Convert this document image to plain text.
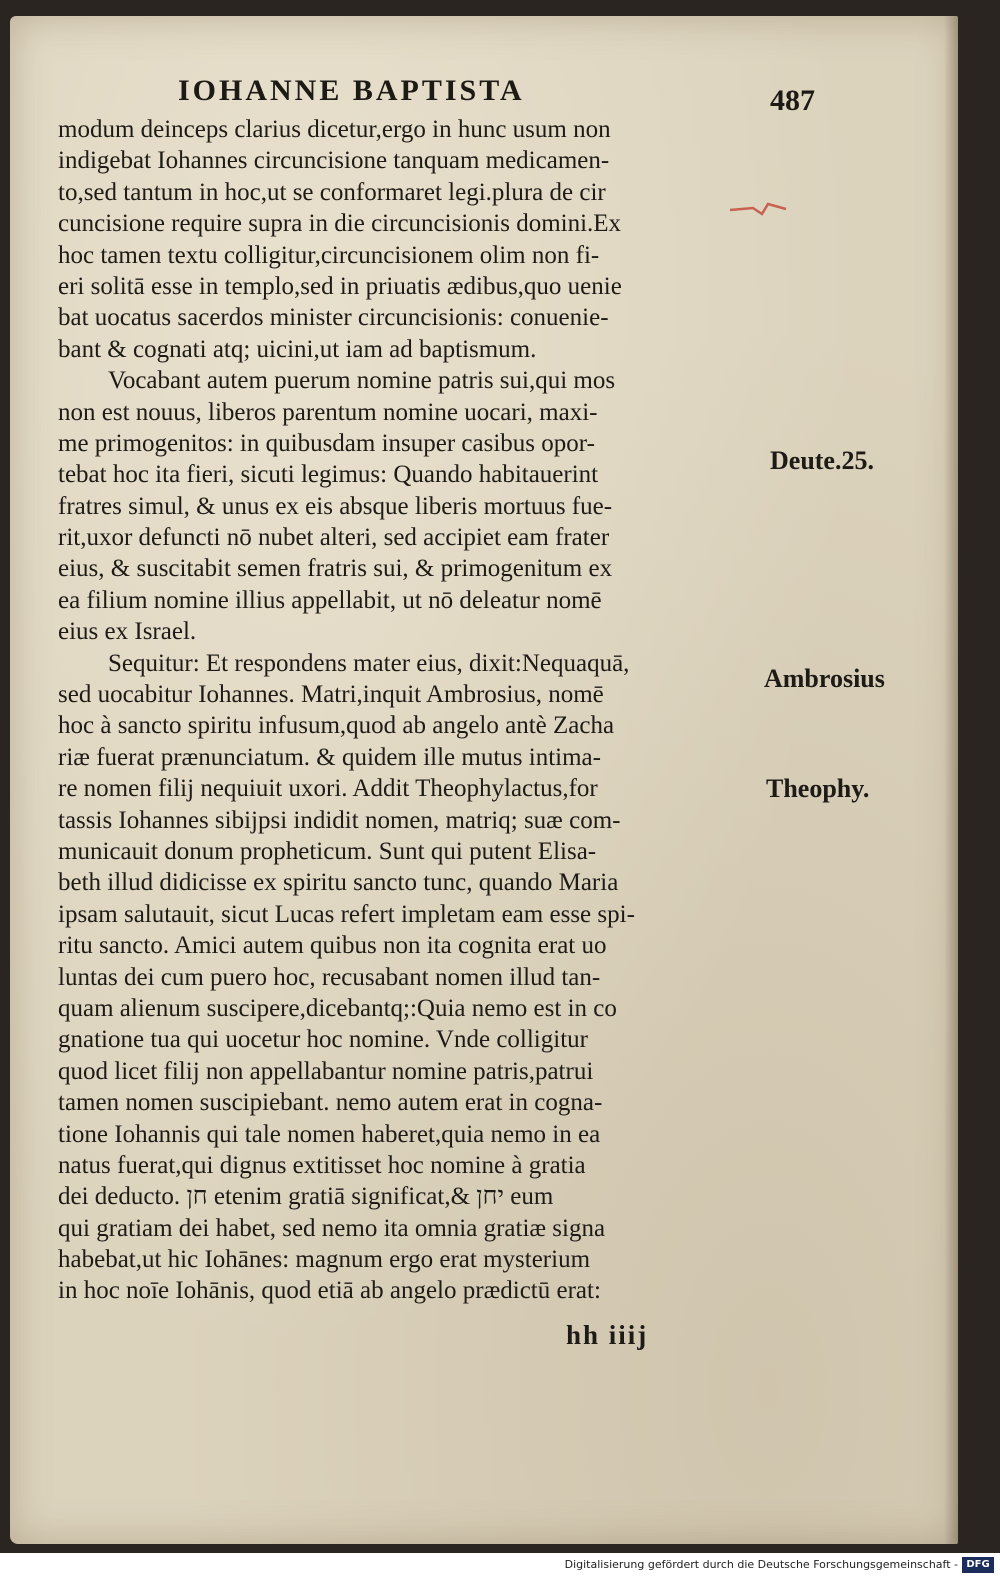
IOHANNE BAPTISTA	487
modum deinceps clarius dicetur,ergo in hunc usum non
indigebat Iohannes circuncisione tanquam medicamen-
to,sed tantum in hoc,ut se conformaret legi.plura de cir
cuncisione require supra in die circuncisionis domini.Ex
hoc tamen textu colligitur,circuncisionem olim non fi-
eri solitā esse in templo,sed in priuatis ædibus,quo uenie
bat uocatus sacerdos minister circuncisionis: conuenie-
bant & cognati atq; uicini,ut iam ad baptismum.
Vocabant autem puerum nomine patris sui,qui mos
non est nouus, liberos parentum nomine uocari, maxi-
me primogenitos: in quibusdam insuper casibus opor-
tebat hoc ita fieri, sicuti legimus: Quando habitauerint
fratres simul, & unus ex eis absque liberis mortuus fue-
rit,uxor defuncti nō nubet alteri, sed accipiet eam frater
eius, & suscitabit semen fratris sui, & primogenitum ex
ea filium nomine illius appellabit, ut nō deleatur nomē
eius ex Israel.
Sequitur: Et respondens mater eius, dixit:Nequaquā,
sed uocabitur Iohannes. Matri,inquit Ambrosius, nomē
hoc à sancto spiritu infusum,quod ab angelo antè Zacha
riæ fuerat prænunciatum. & quidem ille mutus intima-
re nomen filij nequiuit uxori. Addit Theophylactus,for
tassis Iohannes sibijpsi indidit nomen, matriq; suæ com-
municauit donum propheticum. Sunt qui putent Elisa-
beth illud didicisse ex spiritu sancto tunc, quando Maria
ipsam salutauit, sicut Lucas refert impletam eam esse spi-
ritu sancto. Amici autem quibus non ita cognita erat uo
luntas dei cum puero hoc, recusabant nomen illud tan-
quam alienum suscipere,dicebantq;:Quia nemo est in co
gnatione tua qui uocetur hoc nomine. Vnde colligitur
quod licet filij non appellabantur nomine patris,patrui
tamen nomen suscipiebant. nemo autem erat in cogna-
tione Iohannis qui tale nomen haberet,quia nemo in ea
natus fuerat,qui dignus extitisset hoc nomine à gratia
dei deducto. חן etenim gratiā significat,& יחן eum
qui gratiam dei habet, sed nemo ita omnia gratiæ signa
habebat,ut hic Iohānes: magnum ergo erat mysterium
in hoc noīe Iohānis, quod etiā ab angelo prædictū erat:
Deute.25.
Ambrosius
Theophy.
hh iiij
Digitalisierung gefördert durch die Deutsche Forschungsgemeinschaft - DFG
